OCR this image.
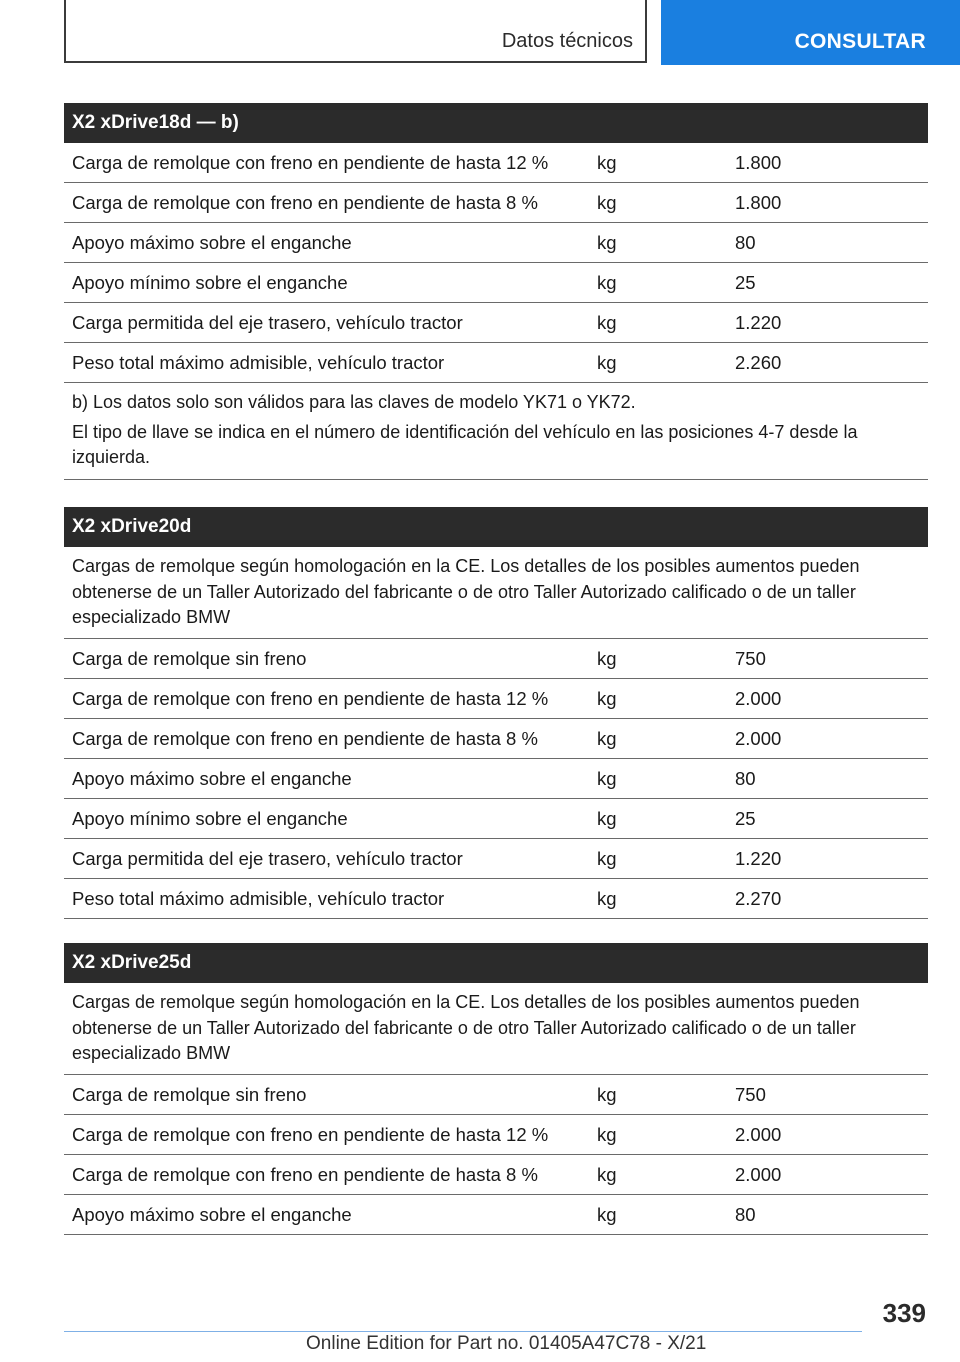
Datos técnicos	CONSULTAR
X2 xDrive18d — b)
Carga de remolque con freno en pendiente de hasta 12 %	kg	1.800
Carga de remolque con freno en pendiente de hasta 8 %	kg	1.800
Apoyo máximo sobre el enganche	kg	80
Apoyo mínimo sobre el enganche	kg	25
Carga permitida del eje trasero, vehículo tractor	kg	1.220
Peso total máximo admisible, vehículo tractor	kg	2.260

b) Los datos solo son válidos para las claves de modelo YK71 o YK72.

El tipo de llave se indica en el número de identificación del vehículo en las posiciones 4-7 desde la izquierda.

X2 xDrive20d
Cargas de remolque según homologación en la CE. Los detalles de los posibles aumentos pueden obtenerse de un Taller Autorizado del fabricante o de otro Taller Autorizado calificado o de un taller especializado BMW
Carga de remolque sin freno	kg	750
Carga de remolque con freno en pendiente de hasta 12 %	kg	2.000
Carga de remolque con freno en pendiente de hasta 8 %	kg	2.000
Apoyo máximo sobre el enganche	kg	80
Apoyo mínimo sobre el enganche	kg	25
Carga permitida del eje trasero, vehículo tractor	kg	1.220
Peso total máximo admisible, vehículo tractor	kg	2.270
X2 xDrive25d
Cargas de remolque según homologación en la CE. Los detalles de los posibles aumentos pueden obtenerse de un Taller Autorizado del fabricante o de otro Taller Autorizado calificado o de un taller especializado BMW
Carga de remolque sin freno	kg	750
Carga de remolque con freno en pendiente de hasta 12 %	kg	2.000
Carga de remolque con freno en pendiente de hasta 8 %	kg	2.000
Apoyo máximo sobre el enganche	kg	80
339
Online Edition for Part no. 01405A47C78 - X/21
